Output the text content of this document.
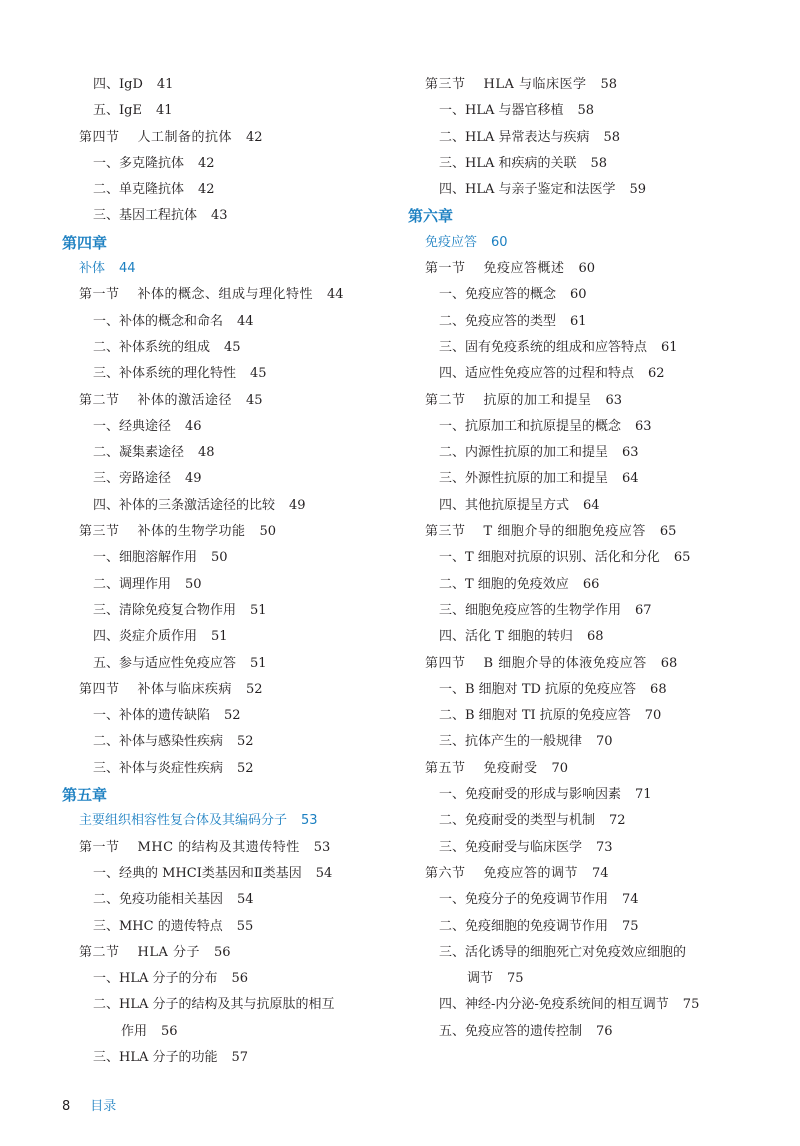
四、IgD 41
五、IgE 41
第四节 人工制备的抗体 42
一、多克隆抗体 42
二、单克隆抗体 42
三、基因工程抗体 43
第四章
补体 44
第一节 补体的概念、组成与理化特性 44
一、补体的概念和命名 44
二、补体系统的组成 45
三、补体系统的理化特性 45
第二节 补体的激活途径 45
一、经典途径 46
二、凝集素途径 48
三、旁路途径 49
四、补体的三条激活途径的比较 49
第三节 补体的生物学功能 50
一、细胞溶解作用 50
二、调理作用 50
三、清除免疫复合物作用 51
四、炎症介质作用 51
五、参与适应性免疫应答 51
第四节 补体与临床疾病 52
一、补体的遗传缺陷 52
二、补体与感染性疾病 52
三、补体与炎症性疾病 52
第五章
主要组织相容性复合体及其编码分子 53
第一节 MHC 的结构及其遗传特性 53
一、经典的 MHCⅠ类基因和Ⅱ类基因 54
二、免疫功能相关基因 54
三、MHC 的遗传特点 55
第二节 HLA 分子 56
一、HLA 分子的分布 56
二、HLA 分子的结构及其与抗原肽的相互
作用 56
三、HLA 分子的功能 57
第三节 HLA 与临床医学 58
一、HLA 与器官移植 58
二、HLA 异常表达与疾病 58
三、HLA 和疾病的关联 58
四、HLA 与亲子鉴定和法医学 59
第六章
免疫应答 60
第一节 免疫应答概述 60
一、免疫应答的概念 60
二、免疫应答的类型 61
三、固有免疫系统的组成和应答特点 61
四、适应性免疫应答的过程和特点 62
第二节 抗原的加工和提呈 63
一、抗原加工和抗原提呈的概念 63
二、内源性抗原的加工和提呈 63
三、外源性抗原的加工和提呈 64
四、其他抗原提呈方式 64
第三节 T 细胞介导的细胞免疫应答 65
一、T 细胞对抗原的识别、活化和分化 65
二、T 细胞的免疫效应 66
三、细胞免疫应答的生物学作用 67
四、活化 T 细胞的转归 68
第四节 B 细胞介导的体液免疫应答 68
一、B 细胞对 TD 抗原的免疫应答 68
二、B 细胞对 TI 抗原的免疫应答 70
三、抗体产生的一般规律 70
第五节 免疫耐受 70
一、免疫耐受的形成与影响因素 71
二、免疫耐受的类型与机制 72
三、免疫耐受与临床医学 73
第六节 免疫应答的调节 74
一、免疫分子的免疫调节作用 74
二、免疫细胞的免疫调节作用 75
三、活化诱导的细胞死亡对免疫效应细胞的
调节 75
四、神经-内分泌-免疫系统间的相互调节 75
五、免疫应答的遗传控制 76
8 目录
